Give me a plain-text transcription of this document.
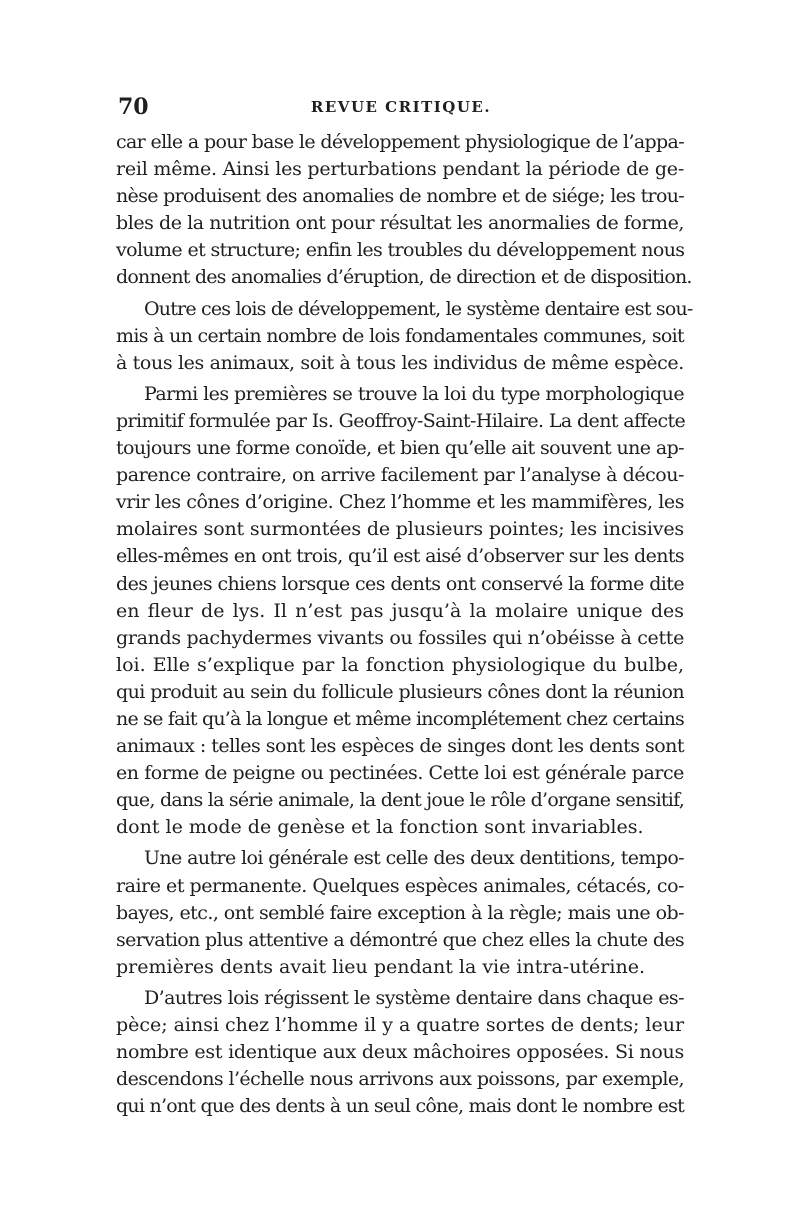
70	REVUE CRITIQUE.
car elle a pour base le développement physiologique de l’appa-
reil même. Ainsi les perturbations pendant la période de ge-
nèse produisent des anomalies de nombre et de siége; les trou-
bles de la nutrition ont pour résultat les anormalies de forme,
volume et structure; enfin les troubles du développement nous
donnent des anomalies d’éruption, de direction et de disposition.
Outre ces lois de développement, le système dentaire est sou-
mis à un certain nombre de lois fondamentales communes, soit
à tous les animaux, soit à tous les individus de même espèce.
Parmi les premières se trouve la loi du type morphologique
primitif formulée par Is. Geoffroy-Saint-Hilaire. La dent affecte
toujours une forme conoïde, et bien qu’elle ait souvent une ap-
parence contraire, on arrive facilement par l’analyse à décou-
vrir les cônes d’origine. Chez l’homme et les mammifères, les
molaires sont surmontées de plusieurs pointes; les incisives
elles-mêmes en ont trois, qu’il est aisé d’observer sur les dents
des jeunes chiens lorsque ces dents ont conservé la forme dite
en fleur de lys. Il n’est pas jusqu’à la molaire unique des
grands pachydermes vivants ou fossiles qui n’obéisse à cette
loi. Elle s’explique par la fonction physiologique du bulbe,
qui produit au sein du follicule plusieurs cônes dont la réunion
ne se fait qu’à la longue et même incomplétement chez certains
animaux : telles sont les espèces de singes dont les dents sont
en forme de peigne ou pectinées. Cette loi est générale parce
que, dans la série animale, la dent joue le rôle d’organe sensitif,
dont le mode de genèse et la fonction sont invariables.
Une autre loi générale est celle des deux dentitions, tempo-
raire et permanente. Quelques espèces animales, cétacés, co-
bayes, etc., ont semblé faire exception à la règle; mais une ob-
servation plus attentive a démontré que chez elles la chute des
premières dents avait lieu pendant la vie intra-utérine.
D’autres lois régissent le système dentaire dans chaque es-
pèce; ainsi chez l’homme il y a quatre sortes de dents; leur
nombre est identique aux deux mâchoires opposées. Si nous
descendons l’échelle nous arrivons aux poissons, par exemple,
qui n’ont que des dents à un seul cône, mais dont le nombre est
